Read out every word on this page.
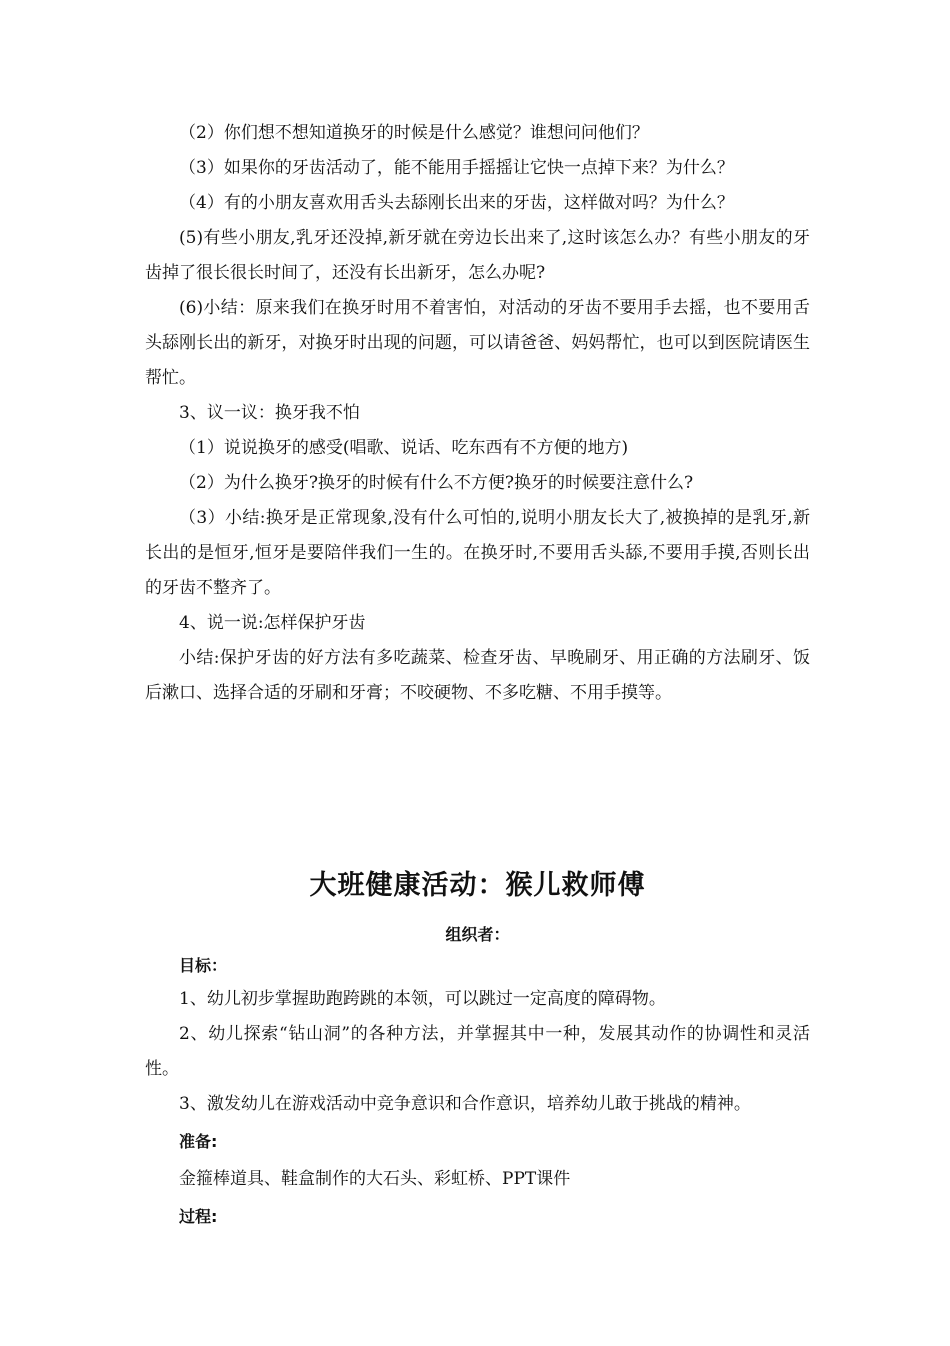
（2）你们想不想知道换牙的时候是什么感觉？谁想问问他们？

（3）如果你的牙齿活动了，能不能用手摇摇让它快一点掉下来？为什么？

（4）有的小朋友喜欢用舌头去舔刚长出来的牙齿，这样做对吗？为什么？

(5)有些小朋友,乳牙还没掉,新牙就在旁边长出来了,这时该怎么办？有些小朋友的牙齿掉了很长很长时间了，还没有长出新牙，怎么办呢?

(6)小结：原来我们在换牙时用不着害怕，对活动的牙齿不要用手去摇，也不要用舌头舔刚长出的新牙，对换牙时出现的问题，可以请爸爸、妈妈帮忙，也可以到医院请医生帮忙。

3、议一议：换牙我不怕

（1）说说换牙的感受(唱歌、说话、吃东西有不方便的地方)

（2）为什么换牙?换牙的时候有什么不方便?换牙的时候要注意什么?

（3）小结:换牙是正常现象,没有什么可怕的,说明小朋友长大了,被换掉的是乳牙,新长出的是恒牙,恒牙是要陪伴我们一生的。在换牙时,不要用舌头舔,不要用手摸,否则长出的牙齿不整齐了。

4、说一说:怎样保护牙齿

小结:保护牙齿的好方法有多吃蔬菜、检查牙齿、早晚刷牙、用正确的方法刷牙、饭后漱口、选择合适的牙刷和牙膏；不咬硬物、不多吃糖、不用手摸等。

大班健康活动：猴儿救师傅

组织者：

目标：

1、幼儿初步掌握助跑跨跳的本领，可以跳过一定高度的障碍物。

2、幼儿探索“钻山洞”的各种方法，并掌握其中一种，发展其动作的协调性和灵活性。

3、激发幼儿在游戏活动中竞争意识和合作意识，培养幼儿敢于挑战的精神。

准备:

金箍棒道具、鞋盒制作的大石头、彩虹桥、PPT课件

过程:
